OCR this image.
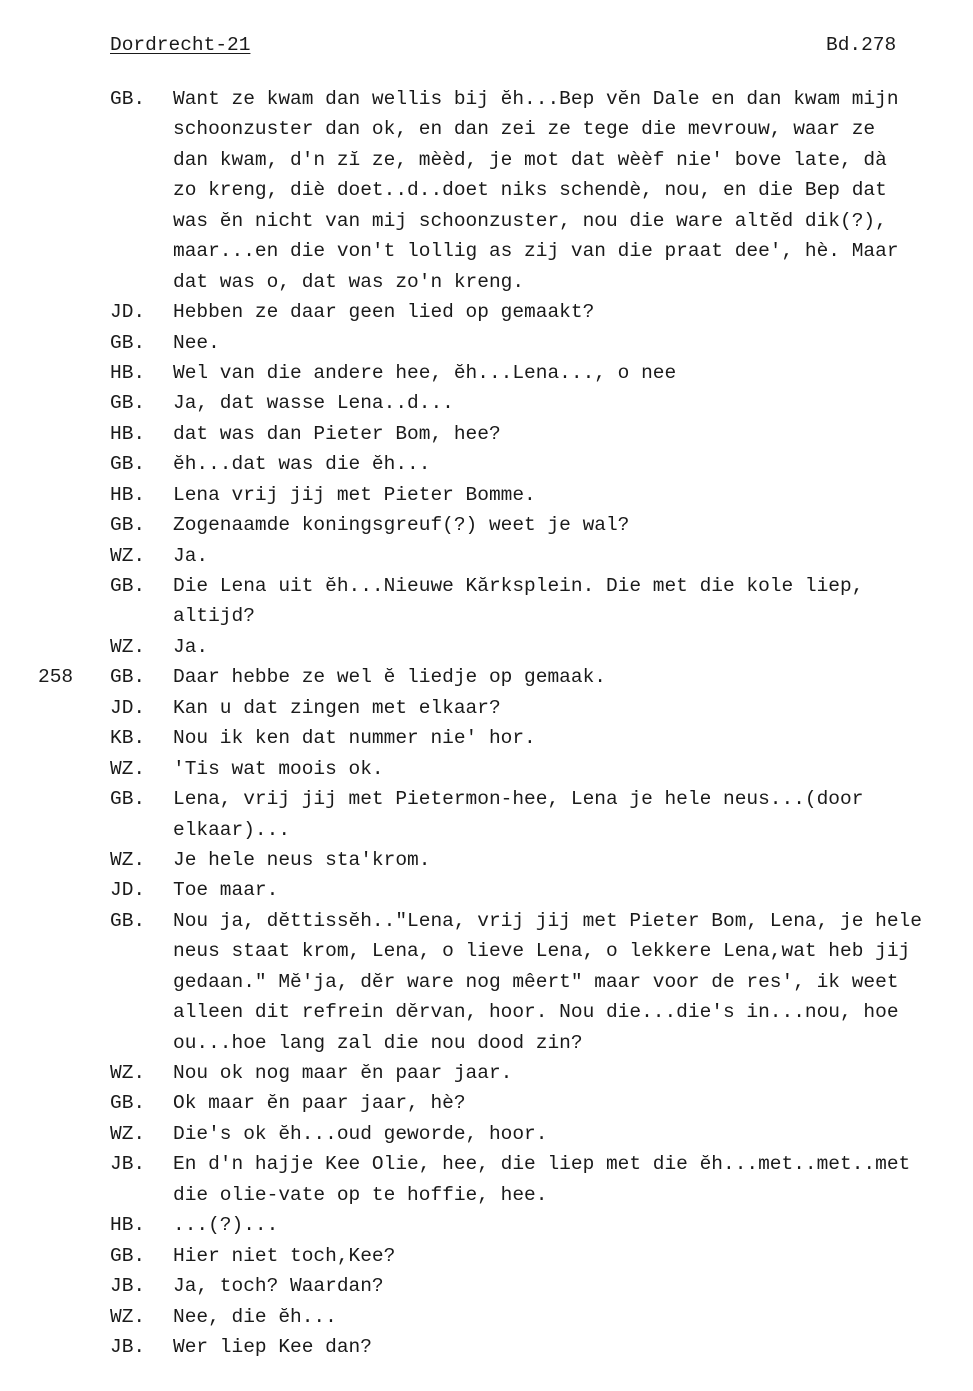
Dordrecht-21	Bd.278
GB. Want ze kwam dan wellis bij ĕh...Bep vĕn Dale en dan kwam mijn
schoonzuster dan ok, en dan zei ze tege die mevrouw, waar ze
dan kwam, d'n zĭ ze, mèèd, je mot dat wèèf nie' bove late, dà
zo kreng, diè doet..d..doet niks schendè, nou, en die Bep dat
was ĕn nicht van mij schoonzuster, nou die ware altĕd dik(?),
maar...en die von't lollig as zij van die praat dee', hè. Maar
dat was o, dat was zo'n kreng.
JD. Hebben ze daar geen lied op gemaakt?
GB. Nee.
HB. Wel van die andere hee, ĕh...Lena..., o nee
GB. Ja, dat wasse Lena..d...
HB. dat was dan Pieter Bom, hee?
GB. ĕh...dat was die ĕh...
HB. Lena vrij jij met Pieter Bomme.
GB. Zogenaamde koningsgreuf(?) weet je wal?
WZ. Ja.
GB. Die Lena uit ĕh...Nieuwe Kărksplein. Die met die kole liep,
altijd?
WZ. Ja.
258 GB. Daar hebbe ze wel ĕ liedje op gemaak.
JD. Kan u dat zingen met elkaar?
KB. Nou ik ken dat nummer nie' hor.
WZ. 'Tis wat moois ok.
GB. Lena, vrij jij met Pietermon-hee, Lena je hele neus...(door
elkaar)...
WZ. Je hele neus sta'krom.
JD. Toe maar.
GB. Nou ja, dĕttissĕh.."Lena, vrij jij met Pieter Bom, Lena, je hele
neus staat krom, Lena, o lieve Lena, o lekkere Lena,wat heb jij
gedaan." Mĕ'ja, dĕr ware nog mêert" maar voor de res', ik weet
alleen dit refrein dĕrvan, hoor. Nou die...die's in...nou, hoe
ou...hoe lang zal die nou dood zin?
WZ. Nou ok nog maar ĕn paar jaar.
GB. Ok maar ĕn paar jaar, hè?
WZ. Die's ok ĕh...oud geworde, hoor.
JB. En d'n hajje Kee Olie, hee, die liep met die ĕh...met..met..met
die olie-vate op te hoffie, hee.
HB. ...(?)...
GB. Hier niet toch,Kee?
JB. Ja, toch? Waardan?
WZ. Nee, die ĕh...
JB. Wer liep Kee dan?
